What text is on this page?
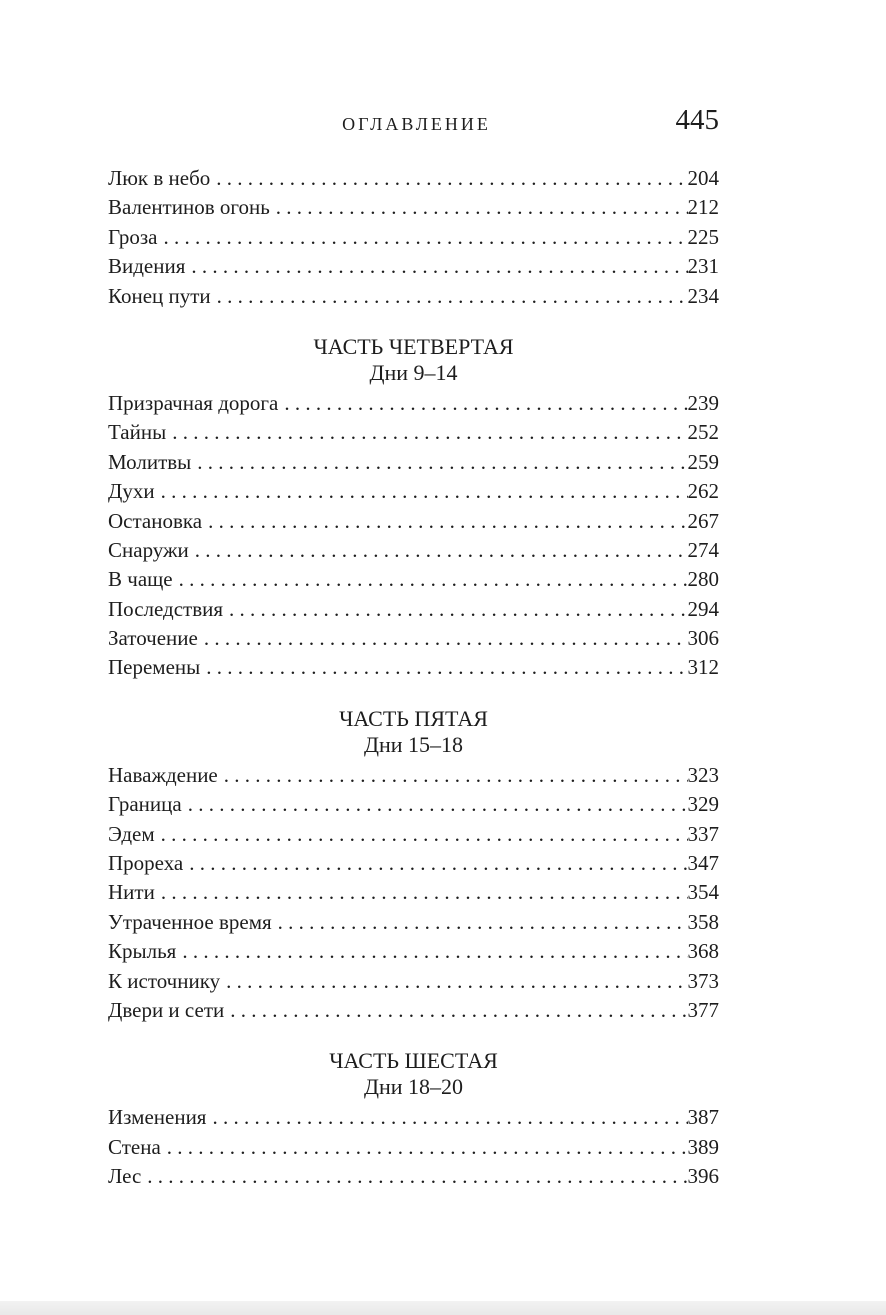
ОГЛАВЛЕНИЕ	445
Люк в небо . . .	204
Валентинов огонь . . .	212
Гроза . . .	225
Видения . . .	231
Конец пути . . .	234
ЧАСТЬ ЧЕТВЕРТАЯ
Дни 9–14
Призрачная дорога . . .	239
Тайны . . .	252
Молитвы . . .	259
Духи . . .	262
Остановка . . .	267
Снаружи . . .	274
В чаще . . .	280
Последствия . . .	294
Заточение . . .	306
Перемены . . .	312
ЧАСТЬ ПЯТАЯ
Дни 15–18
Наваждение . . .	323
Граница . . .	329
Эдем . . .	337
Прореха . . .	347
Нити . . .	354
Утраченное время . . .	358
Крылья . . .	368
К источнику . . .	373
Двери и сети . . .	377
ЧАСТЬ ШЕСТАЯ
Дни 18–20
Изменения . . .	387
Стена . . .	389
Лес . . .	396
